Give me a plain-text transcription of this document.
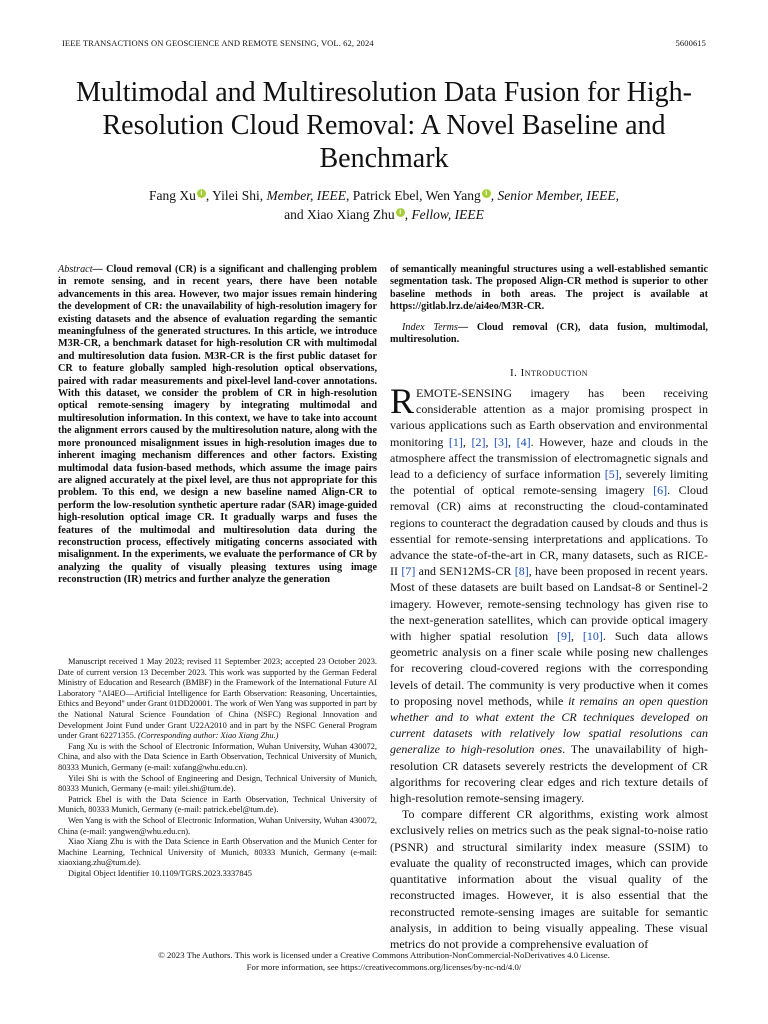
IEEE TRANSACTIONS ON GEOSCIENCE AND REMOTE SENSING, VOL. 62, 2024	5600615
Multimodal and Multiresolution Data Fusion for High-Resolution Cloud Removal: A Novel Baseline and Benchmark
Fang Xu i , Yilei Shi, Member, IEEE, Patrick Ebel, Wen Yang i , Senior Member, IEEE,
and Xiao Xiang Zhu i , Fellow, IEEE
Abstract— Cloud removal (CR) is a significant and challenging problem in remote sensing, and in recent years, there have been notable advancements in this area. However, two major issues remain hindering the development of CR: the unavailability of high-resolution imagery for existing datasets and the absence of evaluation regarding the semantic meaningfulness of the generated structures. In this article, we introduce M3R-CR, a benchmark dataset for high-resolution CR with multimodal and multiresolution data fusion. M3R-CR is the first public dataset for CR to feature globally sampled high-resolution optical observations, paired with radar measurements and pixel-level land-cover annotations. With this dataset, we consider the problem of CR in high-resolution optical remote-sensing imagery by integrating multimodal and multiresolution information. In this context, we have to take into account the alignment errors caused by the multiresolution nature, along with the more pronounced misalignment issues in high-resolution images due to inherent imaging mechanism differences and other factors. Existing multimodal data fusion-based methods, which assume the image pairs are aligned accurately at the pixel level, are thus not appropriate for this problem. To this end, we design a new baseline named Align-CR to perform the low-resolution synthetic aperture radar (SAR) image-guided high-resolution optical image CR. It gradually warps and fuses the features of the multimodal and multiresolution data during the reconstruction process, effectively mitigating concerns associated with misalignment. In the experiments, we evaluate the performance of CR by analyzing the quality of visually pleasing textures using image reconstruction (IR) metrics and further analyze the generation

Manuscript received 1 May 2023; revised 11 September 2023; accepted 23 October 2023. Date of current version 13 December 2023. This work was supported by the German Federal Ministry of Education and Research (BMBF) in the Framework of the International Future AI Laboratory "AI4EO—Artificial Intelligence for Earth Observation: Reasoning, Uncertainties, Ethics and Beyond" under Grant 01DD20001. The work of Wen Yang was supported in part by the National Natural Science Foundation of China (NSFC) Regional Innovation and Development Joint Fund under Grant U22A2010 and in part by the NSFC General Program under Grant 62271355. (Corresponding author: Xiao Xiang Zhu.)

Fang Xu is with the School of Electronic Information, Wuhan University, Wuhan 430072, China, and also with the Data Science in Earth Observation, Technical University of Munich, 80333 Munich, Germany (e-mail: xufang@whu.edu.cn).

Yilei Shi is with the School of Engineering and Design, Technical University of Munich, 80333 Munich, Germany (e-mail: yilei.shi@tum.de).

Patrick Ebel is with the Data Science in Earth Observation, Technical University of Munich, 80333 Munich, Germany (e-mail: patrick.ebel@tum.de).

Wen Yang is with the School of Electronic Information, Wuhan University, Wuhan 430072, China (e-mail: yangwen@whu.edu.cn).

Xiao Xiang Zhu is with the Data Science in Earth Observation and the Munich Center for Machine Learning, Technical University of Munich, 80333 Munich, Germany (e-mail: xiaoxiang.zhu@tum.de).

Digital Object Identifier 10.1109/TGRS.2023.3337845

of semantically meaningful structures using a well-established semantic segmentation task. The proposed Align-CR method is superior to other baseline methods in both areas. The project is available at https://gitlab.lrz.de/ai4eo/M3R-CR.
Index Terms— Cloud removal (CR), data fusion, multimodal, multiresolution.
I. Introduction

REMOTE-SENSING imagery has been receiving considerable attention as a major promising prospect in various applications such as Earth observation and environmental monitoring [1], [2], [3], [4]. However, haze and clouds in the atmosphere affect the transmission of electromagnetic signals and lead to a deficiency of surface information [5], severely limiting the potential of optical remote-sensing imagery [6]. Cloud removal (CR) aims at reconstructing the cloud-contaminated regions to counteract the degradation caused by clouds and thus is essential for remote-sensing interpretations and applications. To advance the state-of-the-art in CR, many datasets, such as RICE-II [7] and SEN12MS-CR [8], have been proposed in recent years. Most of these datasets are built based on Landsat-8 or Sentinel-2 imagery. However, remote-sensing technology has given rise to the next-generation satellites, which can provide optical imagery with higher spatial resolution [9], [10]. Such data allows geometric analysis on a finer scale while posing new challenges for recovering cloud-covered regions with the corresponding levels of detail. The community is very productive when it comes to proposing novel methods, while it remains an open question whether and to what extent the CR techniques developed on current datasets with relatively low spatial resolutions can generalize to high-resolution ones. The unavailability of high-resolution CR datasets severely restricts the development of CR algorithms for recovering clear edges and rich texture details of high-resolution remote-sensing imagery.

To compare different CR algorithms, existing work almost exclusively relies on metrics such as the peak signal-to-noise ratio (PSNR) and structural similarity index measure (SSIM) to evaluate the quality of reconstructed images, which can provide quantitative information about the visual quality of the reconstructed images. However, it is also essential that the reconstructed remote-sensing images are suitable for semantic analysis, in addition to being visually appealing. These visual metrics do not provide a comprehensive evaluation of

© 2023 The Authors. This work is licensed under a Creative Commons Attribution-NonCommercial-NoDerivatives 4.0 License.
For more information, see https://creativecommons.org/licenses/by-nc-nd/4.0/
